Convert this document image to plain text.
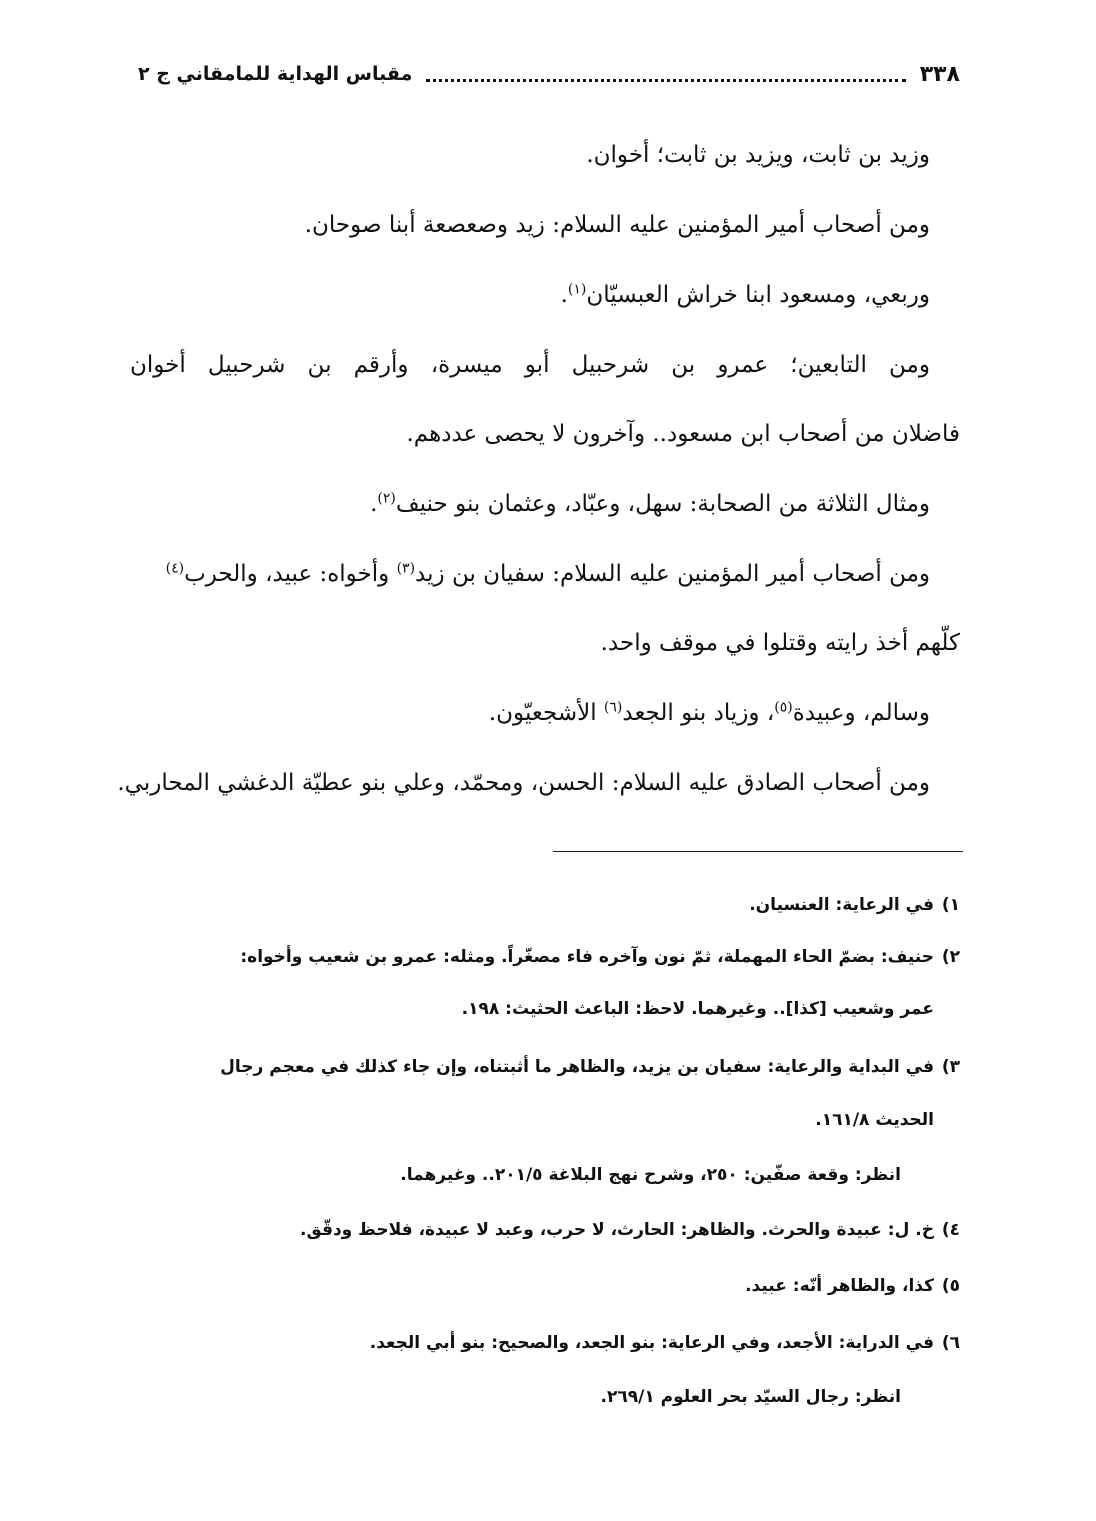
٣٣٨
مقباس الهداية للمامقاني ج ٢
وزيد بن ثابت، ويزيد بن ثابت؛ أخوان.
ومن أصحاب أمير المؤمنين عليه السلام: زيد وصعصعة أبنا صوحان.
وربعي، ومسعود ابنا خراش العبسيّان$^{(١)}$.
ومن التابعين؛ عمرو بن شرحبيل أبو ميسرة، وأرقم بن شرحبيل أخوان
فاضلان من أصحاب ابن مسعود.. وآخرون لا يحصى عددهم.
ومثال الثلاثة من الصحابة: سهل، وعبّاد، وعثمان بنو حنيف$^{(٢)}$.
ومن أصحاب أمير المؤمنين عليه السلام: سفيان بن زيد$^{(٣)}$ وأخواه: عبيد، والحرب$^{(٤)}$
كلّهم أخذ رايته وقتلوا في موقف واحد.
وسالم، وعبيدة$^{(٥)}$، وزياد بنو الجعد$^{(٦)}$ الأشجعيّون.
ومن أصحاب الصادق عليه السلام: الحسن، ومحمّد، وعلي بنو عطيّة الدغشي المحاربي.
١)في الرعاية: العنسيان.
٢)حنيف: بضمّ الحاء المهملة، ثمّ نون وآخره فاء مصغّراً. ومثله: عمرو بن شعيب وأخواه:
عمر وشعيب [كذا].. وغيرهما. لاحظ: الباعث الحثيث: ١٩٨.
٣)في البداية والرعاية: سفيان بن يزيد، والظاهر ما أثبتناه، وإن جاء كذلك في معجم رجال
الحديث ١٦١/٨.
انظر: وقعة صفّين: ٢٥٠، وشرح نهج البلاغة ٢٠١/٥.. وغيرهما.
٤)خ. ل: عبيدة والحرث. والظاهر: الحارث، لا حرب، وعبد لا عبيدة، فلاحظ ودقّق.
٥)كذا، والظاهر أنّه: عبيد.
٦)في الدراية: الأجعد، وفي الرعاية: بنو الجعد، والصحيح: بنو أبي الجعد.
انظر: رجال السيّد بحر العلوم ٢٦٩/١.
